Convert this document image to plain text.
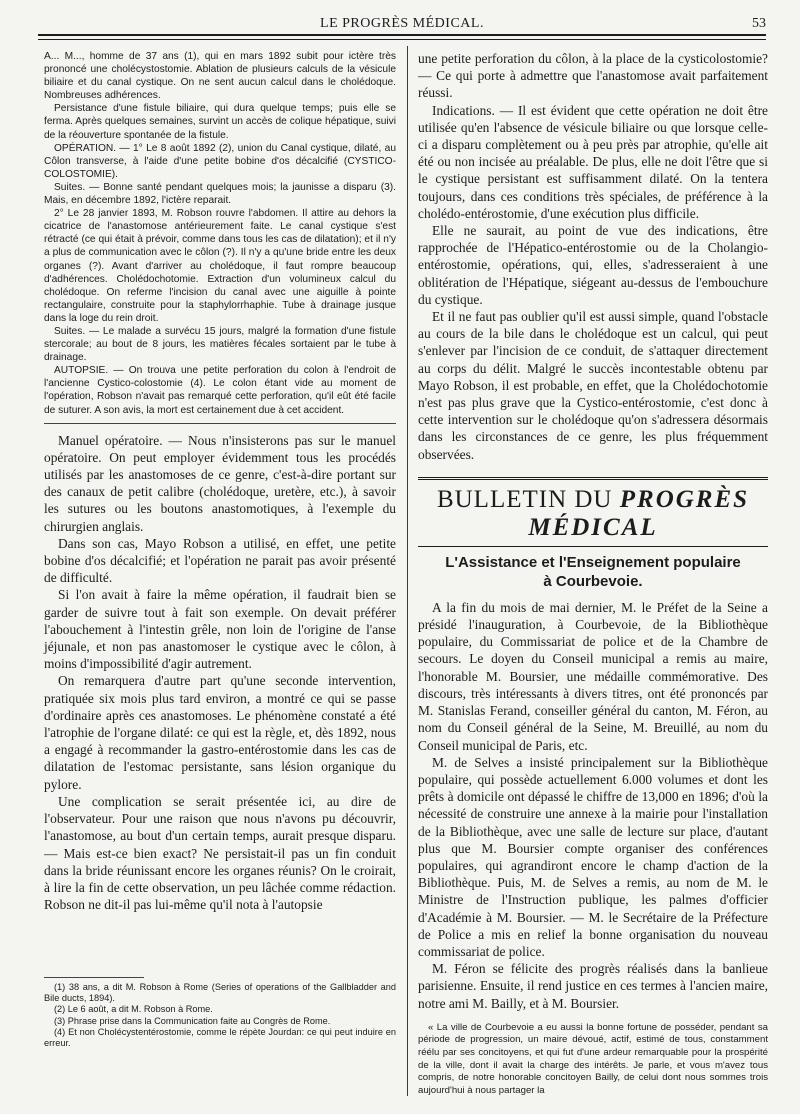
LE PROGRÈS MÉDICAL.	53

A... M..., homme de 37 ans (1), qui en mars 1892 subit pour ictère très prononcé une cholécystostomie. Ablation de plusieurs calculs de la vésicule biliaire et du canal cystique. On ne sent aucun calcul dans le cholédoque. Nombreuses adhérences.

Persistance d'une fistule biliaire, qui dura quelque temps; puis elle se ferma. Après quelques semaines, survint un accès de colique hépatique, suivi de la réouverture spontanée de la fistule.

OPÉRATION. — 1° Le 8 août 1892 (2), union du Canal cystique, dilaté, au Côlon transverse, à l'aide d'une petite bobine d'os décalcifié (CYSTICO-COLOSTOMIE).

Suites. — Bonne santé pendant quelques mois; la jaunisse a disparu (3). Mais, en décembre 1892, l'ictère reparait.

2° Le 28 janvier 1893, M. Robson rouvre l'abdomen. Il attire au dehors la cicatrice de l'anastomose antérieurement faite. Le canal cystique s'est rétracté (ce qui était à prévoir, comme dans tous les cas de dilatation); et il n'y a plus de communication avec le côlon (?). Il n'y a qu'une bride entre les deux organes (?). Avant d'arriver au cholédoque, il faut rompre beaucoup d'adhérences. Cholédochotomie. Extraction d'un volumineux calcul du cholédoque. On referme l'incision du canal avec une aiguille à pointe rectangulaire, construite pour la staphylorrhaphie. Tube à drainage jusque dans la loge du rein droit.

Suites. — Le malade a survécu 15 jours, malgré la formation d'une fistule stercorale; au bout de 8 jours, les matières fécales sortaient par le tube à drainage.

AUTOPSIE. — On trouva une petite perforation du colon à l'endroit de l'ancienne Cystico-colostomie (4). Le colon étant vide au moment de l'opération, Robson n'avait pas remarqué cette perforation, qu'il eût été facile de suturer. A son avis, la mort est certainement due à cet accident.

Manuel opératoire. — Nous n'insisterons pas sur le manuel opératoire. On peut employer évidemment tous les procédés utilisés par les anastomoses de ce genre, c'est-à-dire portant sur des canaux de petit calibre (cholédoque, uretère, etc.), à savoir les sutures ou les boutons anastomotiques, à l'exemple du chirurgien anglais.

Dans son cas, Mayo Robson a utilisé, en effet, une petite bobine d'os décalcifié; et l'opération ne parait pas avoir présenté de difficulté.

Si l'on avait à faire la même opération, il faudrait bien se garder de suivre tout à fait son exemple. On devait préférer l'abouchement à l'intestin grêle, non loin de l'origine de l'anse jéjunale, et non pas anastomoser le cystique avec le côlon, à moins d'impossibilité d'agir autrement.

On remarquera d'autre part qu'une seconde intervention, pratiquée six mois plus tard environ, a montré ce qui se passe d'ordinaire après ces anastomoses. Le phénomène constaté a été l'atrophie de l'organe dilaté: ce qui est la règle, et, dès 1892, nous a engagé à recommander la gastro-entérostomie dans les cas de dilatation de l'estomac persistante, sans lésion organique du pylore.

Une complication se serait présentée ici, au dire de l'observateur. Pour une raison que nous n'avons pu découvrir, l'anastomose, au bout d'un certain temps, aurait presque disparu. — Mais est-ce bien exact? Ne persistait-il pas un fin conduit dans la bride réunissant encore les organes réunis? On le croirait, à lire la fin de cette observation, un peu lâchée comme rédaction. Robson ne dit-il pas lui-même qu'il nota à l'autopsie

(1) 38 ans, a dit M. Robson à Rome (Series of operations of the Gallbladder and Bile ducts, 1894).

(2) Le 6 août, a dit M. Robson à Rome.

(3) Phrase prise dans la Communication faite au Congrès de Rome.

(4) Et non Cholécystentérostomie, comme le répète Jourdan: ce qui peut induire en erreur.

une petite perforation du côlon, à la place de la cysticolostomie? — Ce qui porte à admettre que l'anastomose avait parfaitement réussi.

Indications. — Il est évident que cette opération ne doit être utilisée qu'en l'absence de vésicule biliaire ou que lorsque celle-ci a disparu complètement ou à peu près par atrophie, qu'elle ait été ou non incisée au préalable. De plus, elle ne doit l'être que si le cystique persistant est suffisamment dilaté. On la tentera toujours, dans ces conditions très spéciales, de préférence à la cholédo-entérostomie, d'une exécution plus difficile.

Elle ne saurait, au point de vue des indications, être rapprochée de l'Hépatico-entérostomie ou de la Cholangio-entérostomie, opérations, qui, elles, s'adresseraient à une oblitération de l'Hépatique, siégeant au-dessus de l'embouchure du cystique.

Et il ne faut pas oublier qu'il est aussi simple, quand l'obstacle au cours de la bile dans le cholédoque est un calcul, qui peut s'enlever par l'incision de ce conduit, de s'attaquer directement au corps du délit. Malgré le succès incontestable obtenu par Mayo Robson, il est probable, en effet, que la Cholédochotomie n'est pas plus grave que la Cystico-entérostomie, c'est donc à cette intervention sur le cholédoque qu'on s'adressera désormais dans les circonstances de ce genre, les plus fréquemment observées.

BULLETIN DU PROGRÈS MÉDICAL
L'Assistance et l'Enseignement populaire
à Courbevoie.

A la fin du mois de mai dernier, M. le Préfet de la Seine a présidé l'inauguration, à Courbevoie, de la Bibliothèque populaire, du Commissariat de police et de la Chambre de secours. Le doyen du Conseil municipal a remis au maire, l'honorable M. Boursier, une médaille commémorative. Des discours, très intéressants à divers titres, ont été prononcés par M. Stanislas Ferand, conseiller général du canton, M. Féron, au nom du Conseil général de la Seine, M. Breuillé, au nom du Conseil municipal de Paris, etc.

M. de Selves a insisté principalement sur la Bibliothèque populaire, qui possède actuellement 6.000 volumes et dont les prêts à domicile ont dépassé le chiffre de 13,000 en 1896; d'où la nécessité de construire une annexe à la mairie pour l'installation de la Bibliothèque, avec une salle de lecture sur place, d'autant plus que M. Boursier compte organiser des conférences populaires, qui agrandiront encore le champ d'action de la Bibliothèque. Puis, M. de Selves a remis, au nom de M. le Ministre de l'Instruction publique, les palmes d'officier d'Académie à M. Boursier. — M. le Secrétaire de la Préfecture de Police a mis en relief la bonne organisation du nouveau commissariat de police.

M. Féron se félicite des progrès réalisés dans la banlieue parisienne. Ensuite, il rend justice en ces termes à l'ancien maire, notre ami M. Bailly, et à M. Boursier.

« La ville de Courbevoie a eu aussi la bonne fortune de posséder, pendant sa période de progression, un maire dévoué, actif, estimé de tous, constamment réélu par ses concitoyens, et qui fut d'une ardeur remarquable pour la prospérité de la ville, dont il avait la charge des intérêts. Je parle, et vous m'avez tous compris, de notre honorable concitoyen Bailly, de celui dont nous sommes trois aujourd'hui à nous partager la
